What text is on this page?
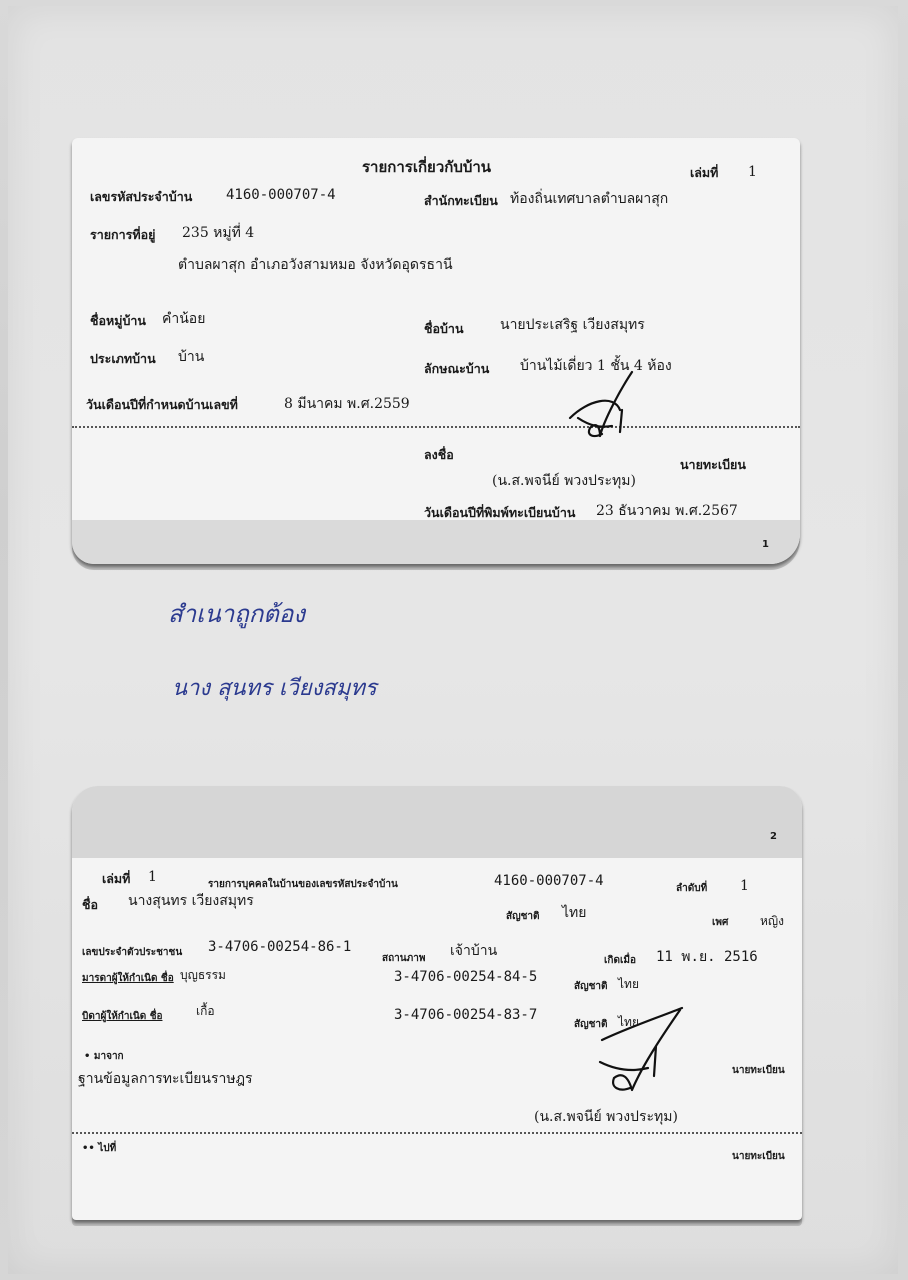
รายการเกี่ยวกับบ้าน	เล่มที่ 1
เลขรหัสประจำบ้าน 4160-000707-4	สำนักทะเบียน ท้องถิ่นเทศบาลตำบลผาสุก
รายการที่อยู่ 235 หมู่ที่ 4
ตำบลผาสุก อำเภอวังสามหมอ จังหวัดอุดรธานี
ชื่อหมู่บ้าน คำน้อย
ชื่อบ้าน	นายประเสริฐ เวียงสมุทร
ประเภทบ้าน บ้าน
ลักษณะบ้าน บ้านไม้เดี่ยว 1 ชั้น 4 ห้อง
วันเดือนปีที่กำหนดบ้านเลขที่	8 มีนาคม พ.ศ.2559
ลงชื่อ
นายทะเบียน
(น.ส.พจนีย์ พวงประทุม)
วันเดือนปีที่พิมพ์ทะเบียนบ้าน 23 ธันวาคม พ.ศ.2567
1
สำเนาถูกต้อง
นาง สุนทร เวียงสมุทร
2
เล่มที่ 1	รายการบุคคลในบ้านของเลขรหัสประจำบ้าน	4160-000707-4	ลำดับที่ 1
ชื่อ นางสุนทร เวียงสมุทร
สัญชาติ ไทย
เพศ	หญิง
เลขประจำตัวประชาชน 3-4706-00254-86-1
สถานภาพ เจ้าบ้าน
เกิดเมื่อ 11 พ.ย. 2516
มารดาผู้ให้กำเนิด ชื่อ บุญธรรม	3-4706-00254-84-5
สัญชาติ ไทย
บิดาผู้ให้กำเนิด ชื่อ	เกื้อ	3-4706-00254-83-7
สัญชาติ ไทย
• มาจาก
ฐานข้อมูลการทะเบียนราษฎร
นายทะเบียน
(น.ส.พจนีย์ พวงประทุม)
•• ไปที่
นายทะเบียน
